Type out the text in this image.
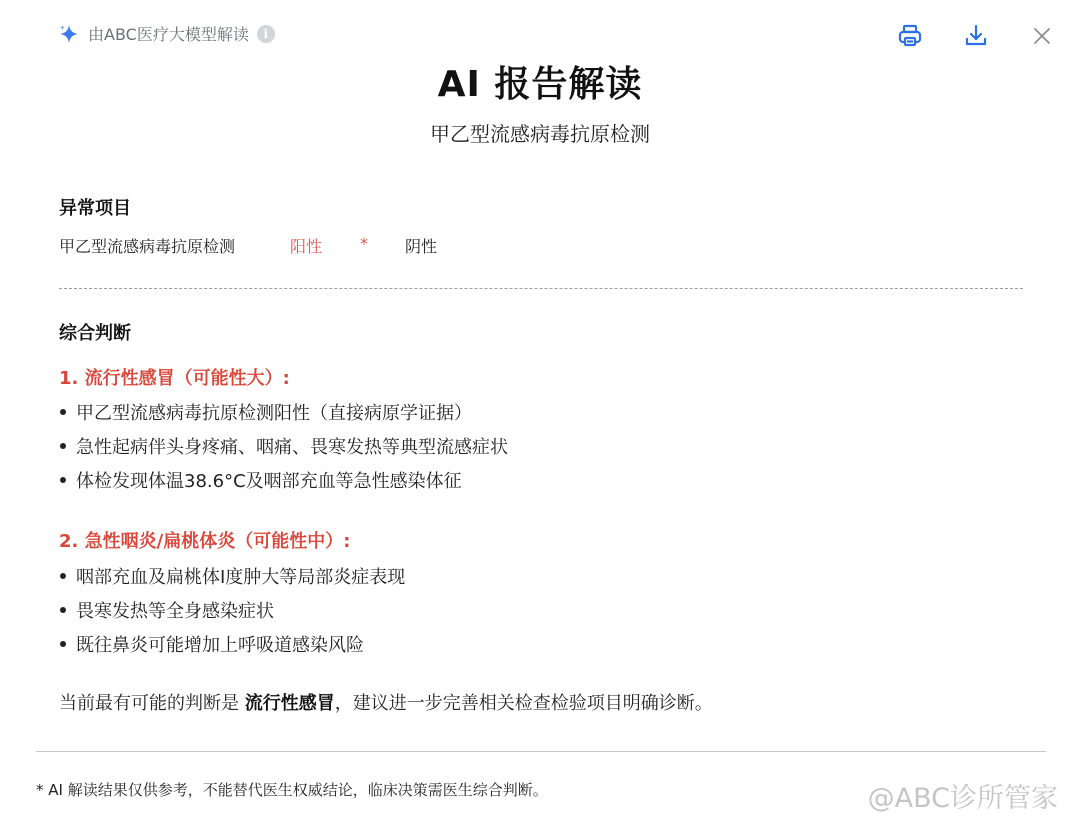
由ABC医疗大模型解读	i
AI 报告解读
甲乙型流感病毒抗原检测
异常项目
甲乙型流感病毒抗原检测	阳性 * 阴性
综合判断
1. 流行性感冒（可能性大）:
甲乙型流感病毒抗原检测阳性（直接病原学证据）
急性起病伴头身疼痛、咽痛、畏寒发热等典型流感症状
体检发现体温38.6°C及咽部充血等急性感染体征
2. 急性咽炎/扁桃体炎（可能性中）:
咽部充血及扁桃体I度肿大等局部炎症表现
畏寒发热等全身感染症状
既往鼻炎可能增加上呼吸道感染风险
当前最有可能的判断是 流行性感冒，建议进一步完善相关检查检验项目明确诊断。
* AI 解读结果仅供参考，不能替代医生权威结论，临床决策需医生综合判断。	@ABC诊所管家
